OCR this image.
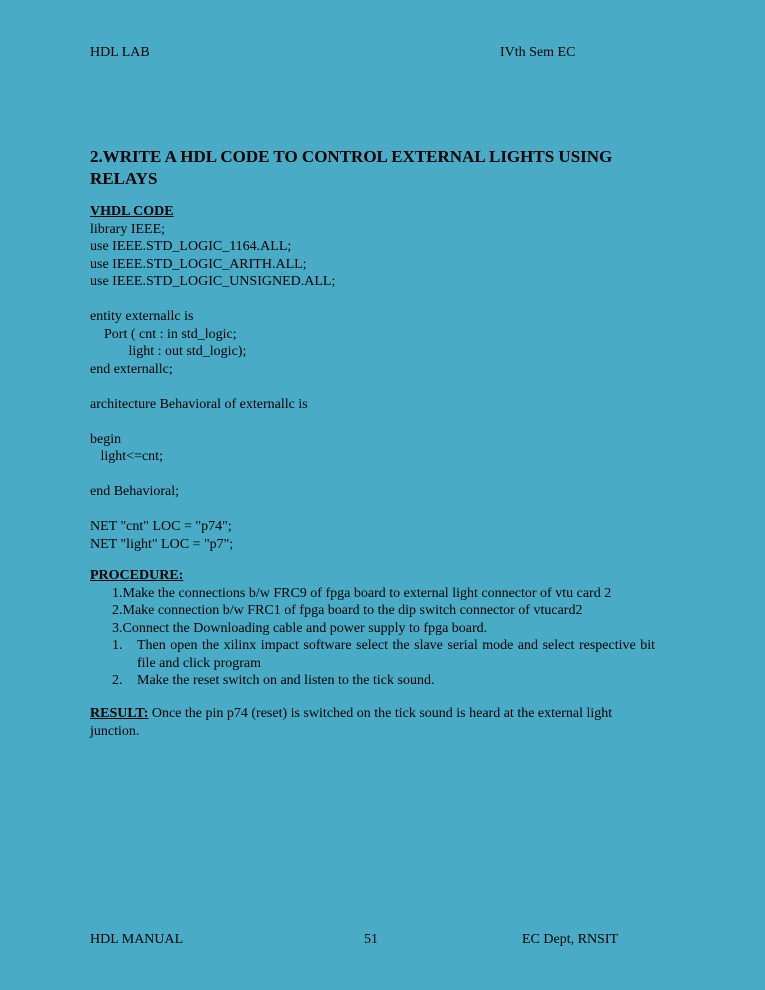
HDL LAB	IVth Sem EC
2.WRITE A HDL CODE TO CONTROL EXTERNAL LIGHTS USING RELAYS
VHDL CODE
library IEEE;
use IEEE.STD_LOGIC_1164.ALL;
use IEEE.STD_LOGIC_ARITH.ALL;
use IEEE.STD_LOGIC_UNSIGNED.ALL;

entity externallc is
Port ( cnt : in std_logic;
light : out std_logic);
end externallc;

architecture Behavioral of externallc is

begin
light<=cnt;

end Behavioral;

NET "cnt" LOC = "p74";
NET "light" LOC = "p7";
PROCEDURE:
1.Make the connections b/w FRC9 of fpga board to external light connector of vtu card 2
2.Make connection b/w FRC1 of fpga board to the dip switch connector of vtucard2
3.Connect the Downloading cable and power supply to fpga board.
1.	Then open the xilinx impact software select the slave serial mode and select respective bit file and click program
2.	Make the reset switch on and listen to the tick sound.
RESULT: Once the pin p74 (reset) is switched on the tick sound is heard at the external light junction.
HDL MANUAL	51	EC Dept, RNSIT
